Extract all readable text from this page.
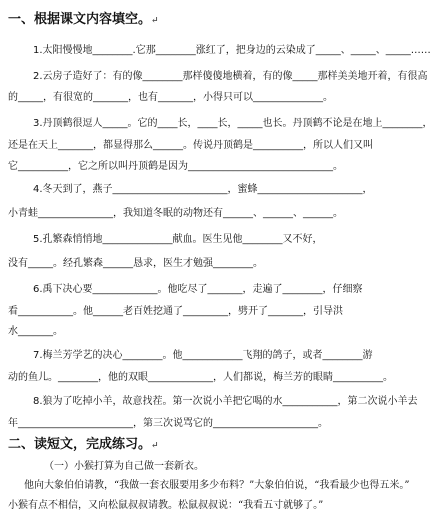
一、根据课文内容填空。↵
1.太阳慢慢地________.它那________涨红了，把身边的云染成了_____、_____、_____……
2.云房子造好了：有的像________那样傻傻地横着，有的像_____那样美美地开着，有很高
的_____，有很宽的_______，也有_______，小得只可以______________。
3.丹顶鹤很逗人_____。它的____长，____长，_____也长。丹顶鹤不论是在地上________，
还是在天上_______，都显得那么______。传说丹顶鹤是__________，所以人们又叫
它__________，它之所以叫丹顶鹤是因为_____________________________。
4.冬天到了，燕子_______________________，蜜蜂_____________________，
小青蛙_______________，我知道冬眠的动物还有______、______、______。
5.孔繁森悄悄地______________献血。医生见他________又不好，
没有_____。经孔繁森______恳求，医生才勉强________。
6.禹下决心要_____________。他吃尽了_______，走遍了________，仔细察
看___________。他______老百姓挖通了_________，劈开了_______，引导洪
水_______。
7.梅兰芳学艺的决心________。他____________飞翔的鸽子，或者________游
动的鱼儿。________，他的双眼_____________，人们都说，梅兰芳的眼睛__________。
8.狼为了吃掉小羊，故意找茬。第一次说小羊把它喝的水___________，第二次说小羊去
年_______________________，第三次说骂它的_____________________。
二、读短文，完成练习。↵
（一）小猴打算为自己做一套新衣。
他向大象伯伯请教，“我做一套衣服要用多少布料？”大象伯伯说，“我看最少也得五米。”
小猴有点不相信，又向松鼠叔叔请教。松鼠叔叔说：“我看五寸就够了。”
